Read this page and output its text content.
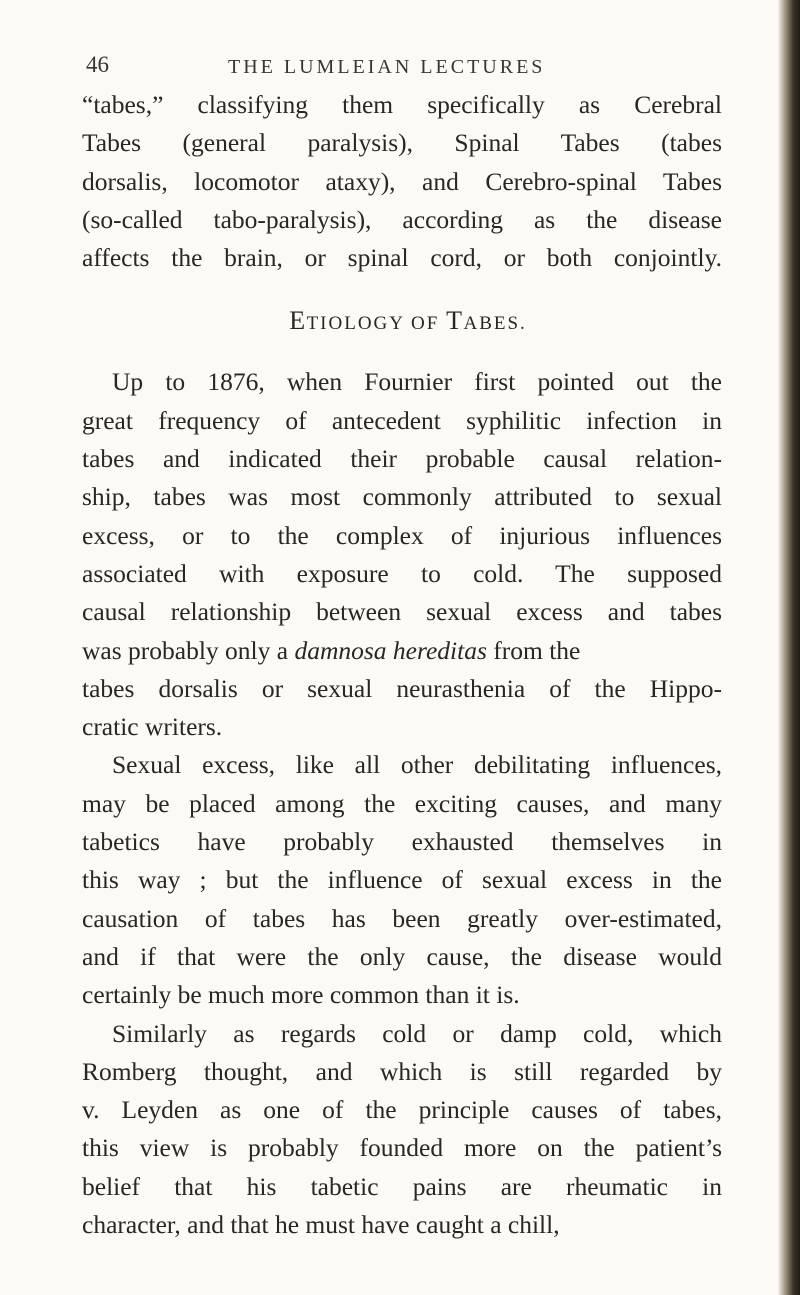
46	THE LUMLEIAN LECTURES
“tabes,” classifying them specifically as Cerebral
Tabes (general paralysis), Spinal Tabes (tabes
dorsalis, locomotor ataxy), and Cerebro-spinal Tabes
(so-called tabo-paralysis), according as the disease
affects the brain, or spinal cord, or both conjointly.
ETIOLOGY OF TABES.
Up to 1876, when Fournier first pointed out the
great frequency of antecedent syphilitic infection in
tabes and indicated their probable causal relation-
ship, tabes was most commonly attributed to sexual
excess, or to the complex of injurious influences
associated with exposure to cold. The supposed
causal relationship between sexual excess and tabes
was probably only a damnosa hereditas from the
tabes dorsalis or sexual neurasthenia of the Hippo-
cratic writers.
Sexual excess, like all other debilitating influences,
may be placed among the exciting causes, and many
tabetics have probably exhausted themselves in
this way ; but the influence of sexual excess in the
causation of tabes has been greatly over-estimated,
and if that were the only cause, the disease would
certainly be much more common than it is.
Similarly as regards cold or damp cold, which
Romberg thought, and which is still regarded by
v. Leyden as one of the principle causes of tabes,
this view is probably founded more on the patient’s
belief that his tabetic pains are rheumatic in
character, and that he must have caught a chill,
